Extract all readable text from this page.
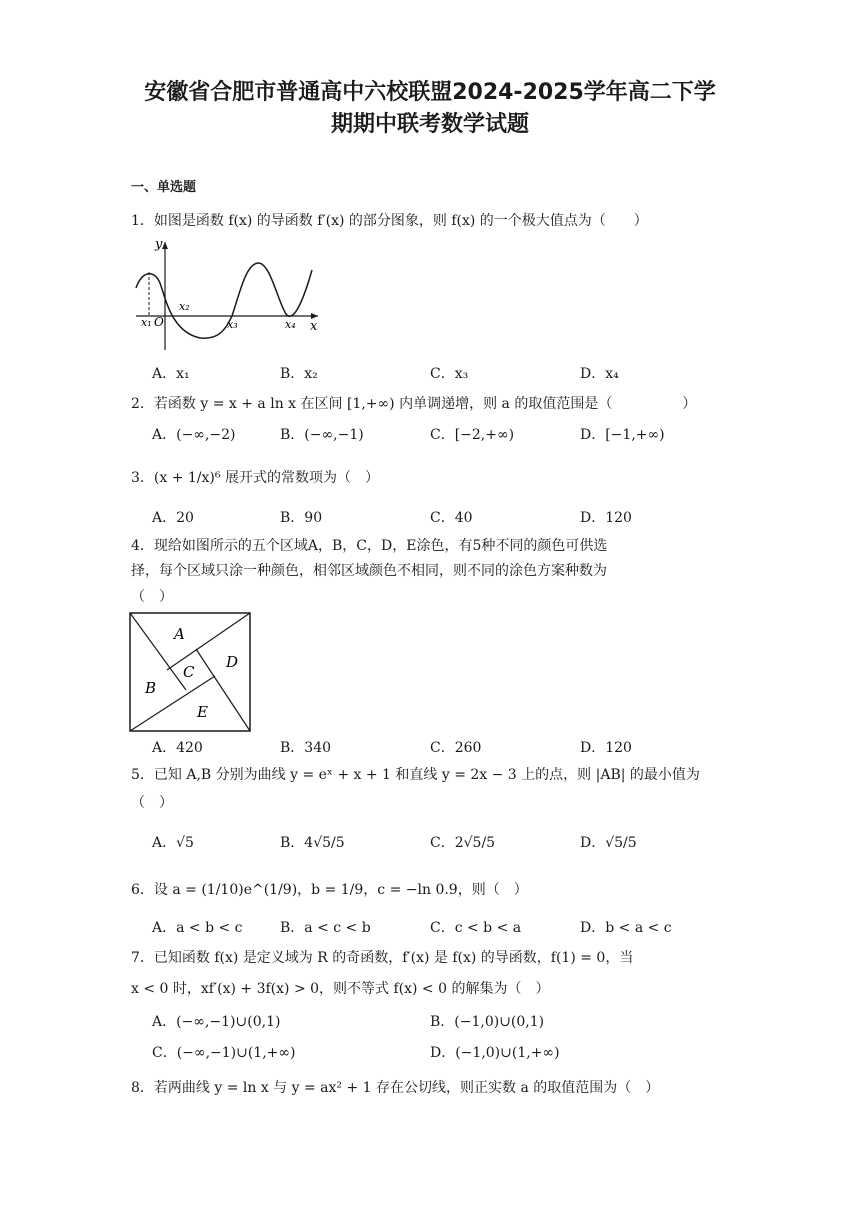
安徽省合肥市普通高中六校联盟2024-2025学年高二下学
期期中联考数学试题
一、单选题
1．如图是函数 f(x) 的导函数 f′(x) 的部分图象，则 f(x) 的一个极大值点为（　　）
y
x
O
x₁
x₂
x₃	x₄
A．x₁	B．x₂	C．x₃	D．x₄
2．若函数 y = x + a ln x 在区间 [1,+∞) 内单调递增，则 a 的取值范围是（　　　　　）
A．(−∞,−2)	B．(−∞,−1)	C．[−2,+∞)	D．[−1,+∞)
3．(x + 1/x)⁶ 展开式的常数项为（　）
A．20	B．90	C．40	D．120
4．现给如图所示的五个区域A，B，C，D，E涂色，有5种不同的颜色可供选
择，每个区域只涂一种颜色，相邻区域颜色不相同，则不同的涂色方案种数为
（　）
A
B
C
D
E
A．420	B．340	C．260	D．120
5．已知 A,B 分别为曲线 y = eˣ + x + 1 和直线 y = 2x − 3 上的点，则 |AB| 的最小值为
（　）
A．√5	B．4√5/5	C．2√5/5	D．√5/5
6．设 a = (1/10)e^(1/9)，b = 1/9，c = −ln 0.9，则（　）
A．a < b < c	B．a < c < b	C．c < b < a	D．b < a < c
7．已知函数 f(x) 是定义域为 R 的奇函数，f′(x) 是 f(x) 的导函数，f(1) = 0，当
x < 0 时，xf′(x) + 3f(x) > 0，则不等式 f(x) < 0 的解集为（　）
A．(−∞,−1)∪(0,1)	B．(−1,0)∪(0,1)
C．(−∞,−1)∪(1,+∞)	D．(−1,0)∪(1,+∞)
8．若两曲线 y = ln x 与 y = ax² + 1 存在公切线，则正实数 a 的取值范围为（　）
